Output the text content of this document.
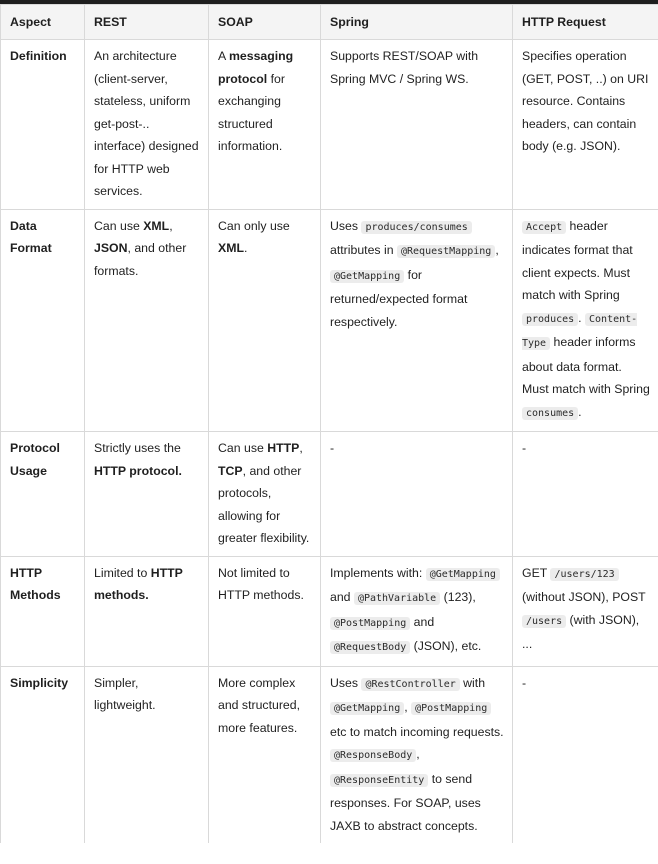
Aspect	REST	SOAP	Spring	HTTP Request
Definition	An architecture (client-server, stateless, uniform get-post-.. interface) designed for HTTP web services.	A messaging protocol for exchanging structured information.	Supports REST/SOAP with Spring MVC / Spring WS.	Specifies operation (GET, POST, ..) on URI resource. Contains headers, can contain body (e.g. JSON).
Data Format	Can use XML, JSON, and other formats.	Can only use XML.	Uses produces/consumes attributes in @RequestMapping , @GetMapping for returned/expected format respectively.	Accept header indicates format that client expects. Must match with Spring produces . Content-Type header informs about data format. Must match with Spring consumes .
Protocol Usage	Strictly uses the HTTP protocol.	Can use HTTP, TCP, and other protocols, allowing for greater flexibility.	-	-
HTTP Methods	Limited to HTTP methods.	Not limited to HTTP methods.	Implements with: @GetMapping and @PathVariable (123), @PostMapping and @RequestBody (JSON), etc.	GET /users/123 (without JSON), POST /users (with JSON), ...
Simplicity	Simpler, lightweight.	More complex and structured, more features.	Uses @RestController with @GetMapping , @PostMapping etc to match incoming requests. @ResponseBody , @ResponseEntity to send responses. For SOAP, uses JAXB to abstract concepts.	-
